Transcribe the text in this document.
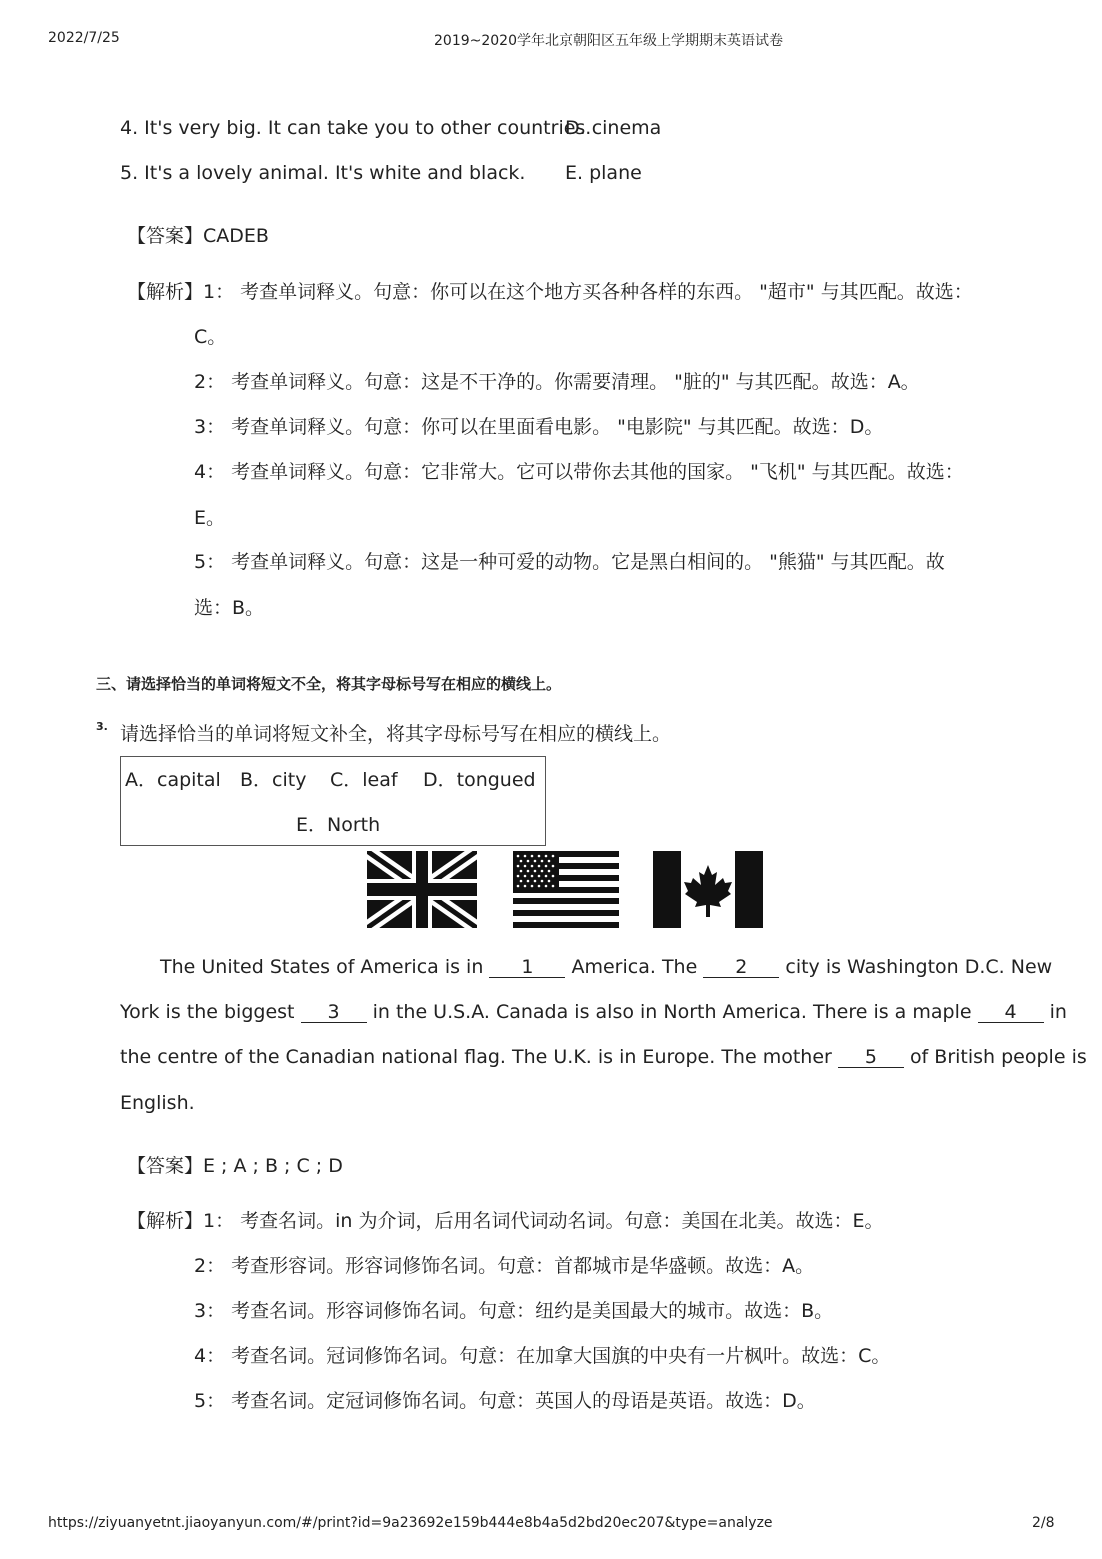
2022/7/25	2019~2020学年北京朝阳区五年级上学期期末英语试卷
4. It's very big. It can take you to other countries.
D. cinema
5. It's a lovely animal. It's white and black. E. plane
【答案】CADEB
【解析】1： 考查单词释义。句意：你可以在这个地方买各种各样的东西。 "超市" 与其匹配。故选：
C。
2： 考查单词释义。句意：这是不干净的。你需要清理。 "脏的" 与其匹配。故选：A。
3： 考查单词释义。句意：你可以在里面看电影。 "电影院" 与其匹配。故选：D。
4： 考查单词释义。句意：它非常大。它可以带你去其他的国家。 "飞机" 与其匹配。故选：
E。
5： 考查单词释义。句意：这是一种可爱的动物。它是黑白相间的。 "熊猫" 与其匹配。故
选：B。
三、请选择恰当的单词将短文不全，将其字母标号写在相应的横线上。
3. 请选择恰当的单词将短文补全，将其字母标号写在相应的横线上。
A．capital B．city C．leaf D．tongued
E．North
The United States of America is in 1 America. The 2 city is Washington D.C. New
York is the biggest 3 in the U.S.A. Canada is also in North America. There is a maple 4 in
the centre of the Canadian national flag. The U.K. is in Europe. The mother 5 of British people is
English.
【答案】E ; A ; B ; C ; D
【解析】1： 考查名词。in 为介词，后用名词代词动名词。句意：美国在北美。故选：E。
2： 考查形容词。形容词修饰名词。句意：首都城市是华盛顿。故选：A。
3： 考查名词。形容词修饰名词。句意：纽约是美国最大的城市。故选：B。
4： 考查名词。冠词修饰名词。句意：在加拿大国旗的中央有一片枫叶。故选：C。
5： 考查名词。定冠词修饰名词。句意：英国人的母语是英语。故选：D。
https://ziyuanyetnt.jiaoyanyun.com/#/print?id=9a23692e159b444e8b4a5d2bd20ec207&type=analyze	2/8
